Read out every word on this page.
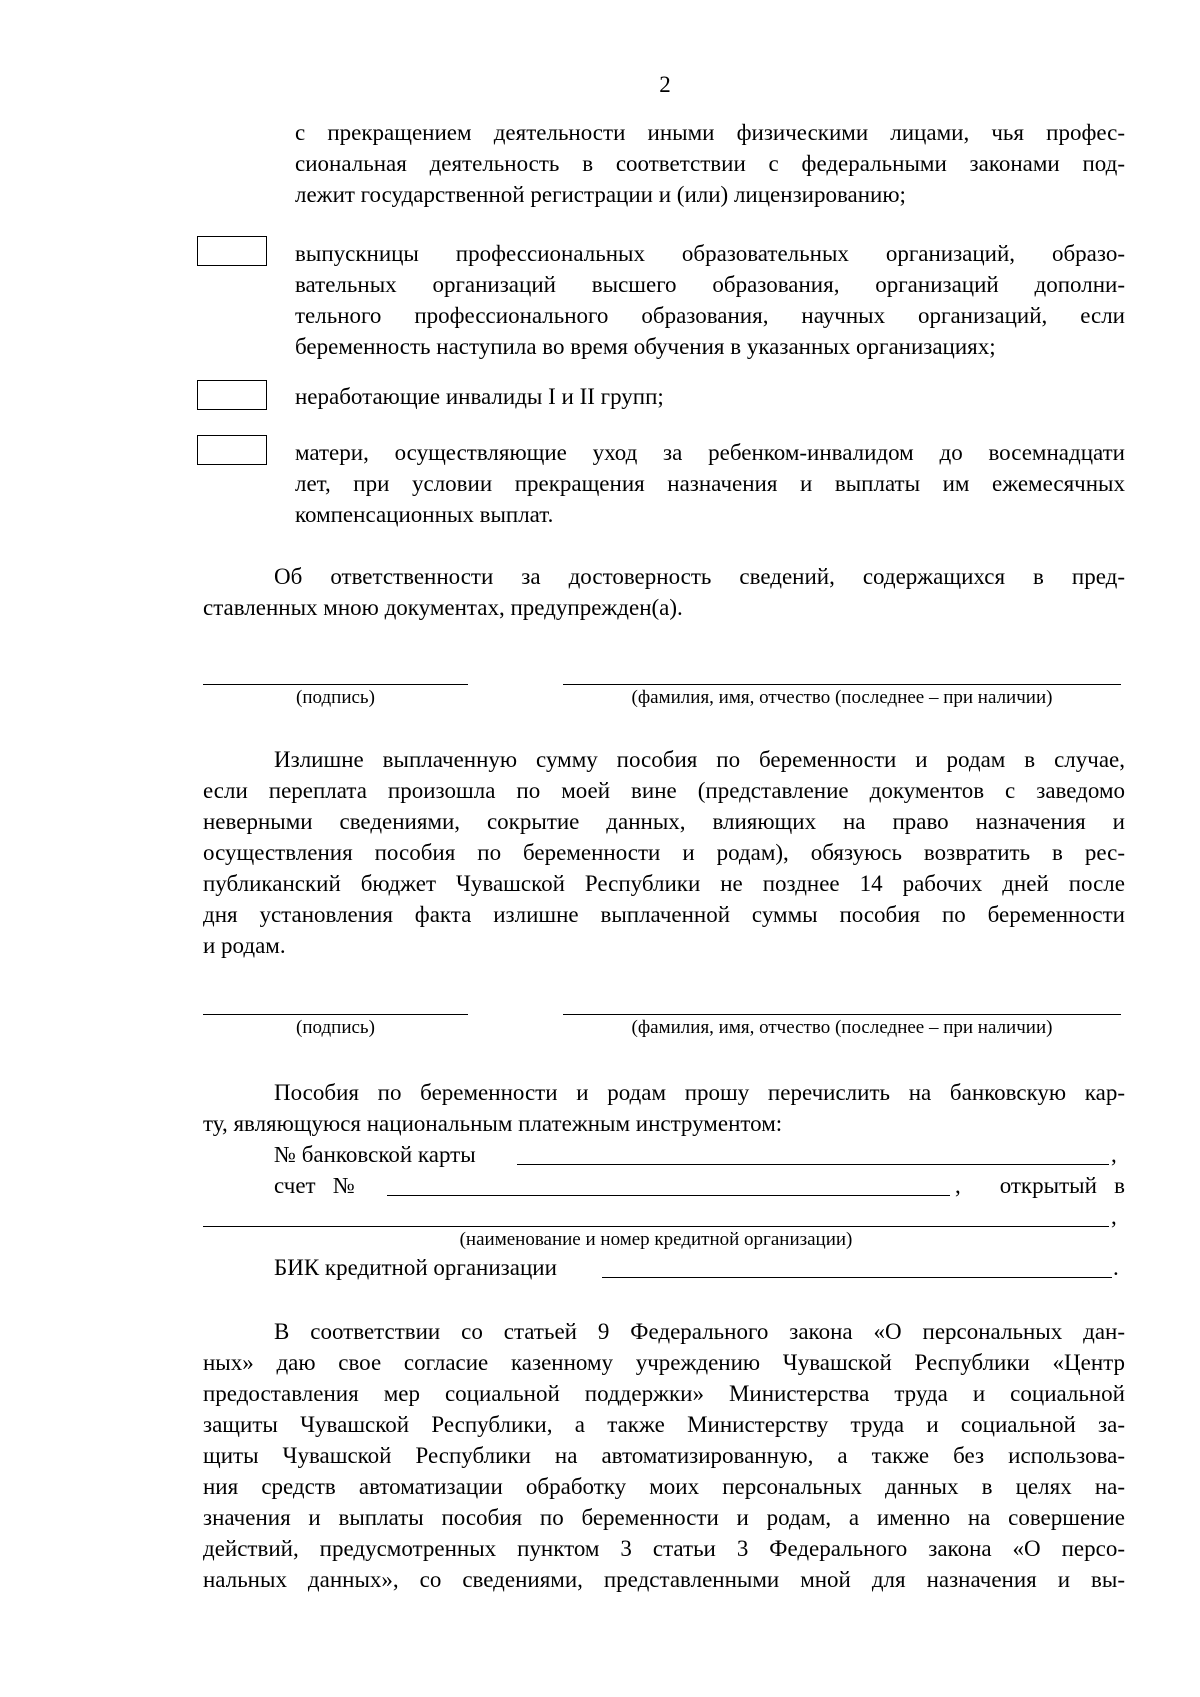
2
с прекращением деятельности иными физическими лицами, чья профес-
сиональная деятельность в соответствии с федеральными законами под-
лежит государственной регистрации и (или) лицензированию;
выпускницы профессиональных образовательных организаций, образо-
вательных организаций высшего образования, организаций дополни-
тельного профессионального образования, научных организаций, если
беременность наступила во время обучения в указанных организациях;
неработающие инвалиды I и II групп;
матери, осуществляющие уход за ребенком-инвалидом до восемнадцати
лет, при условии прекращения назначения и выплаты им ежемесячных
компенсационных выплат.
Об ответственности за достоверность сведений, содержащихся в пред-
ставленных мною документах, предупрежден(а).
(подпись)	(фамилия, имя, отчество (последнее – при наличии)
Излишне выплаченную сумму пособия по беременности и родам в случае,
если переплата произошла по моей вине (представление документов с заведомо
неверными сведениями, сокрытие данных, влияющих на право назначения и
осуществления пособия по беременности и родам), обязуюсь возвратить в рес-
публиканский бюджет Чувашской Республики не позднее 14 рабочих дней после
дня установления факта излишне выплаченной суммы пособия по беременности
и родам.
(подпись)	(фамилия, имя, отчество (последнее – при наличии)
Пособия по беременности и родам прошу перечислить на банковскую кар-
ту, являющуюся национальным платежным инструментом:
№ банковской карты	,
счет   №	,	открытый   в
,
(наименование и номер кредитной организации)
БИК кредитной организации	.
В соответствии со статьей 9 Федерального закона «О персональных дан-
ных» даю свое согласие казенному учреждению Чувашской Республики «Центр
предоставления мер социальной поддержки» Министерства труда и социальной
защиты Чувашской Республики, а также Министерству труда и социальной за-
щиты Чувашской Республики на автоматизированную, а также без использова-
ния средств автоматизации обработку моих персональных данных в целях на-
значения и выплаты пособия по беременности и родам, а именно на совершение
действий, предусмотренных пунктом 3 статьи 3 Федерального закона «О персо-
нальных данных», со сведениями, представленными мной для назначения и вы-
